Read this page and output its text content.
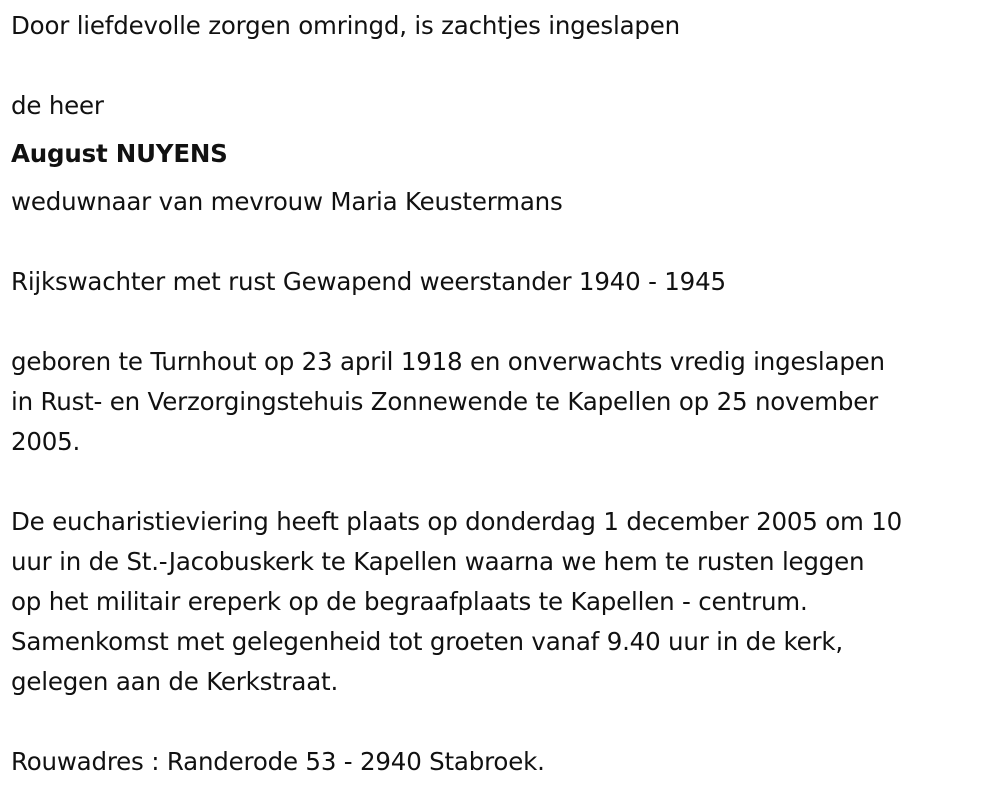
Door liefdevolle zorgen omringd, is zachtjes ingeslapen
de heer
August NUYENS
weduwnaar van mevrouw Maria Keustermans
Rijkswachter met rust Gewapend weerstander 1940 - 1945
geboren te Turnhout op 23 april 1918 en onverwachts vredig ingeslapen
in Rust- en Verzorgingstehuis Zonnewende te Kapellen op 25 november
2005.
De eucharistieviering heeft plaats op donderdag 1 december 2005 om 10
uur in de St.-Jacobuskerk te Kapellen waarna we hem te rusten leggen
op het militair ereperk op de begraafplaats te Kapellen - centrum.
Samenkomst met gelegenheid tot groeten vanaf 9.40 uur in de kerk,
gelegen aan de Kerkstraat.
Rouwadres : Randerode 53 - 2940 Stabroek.
